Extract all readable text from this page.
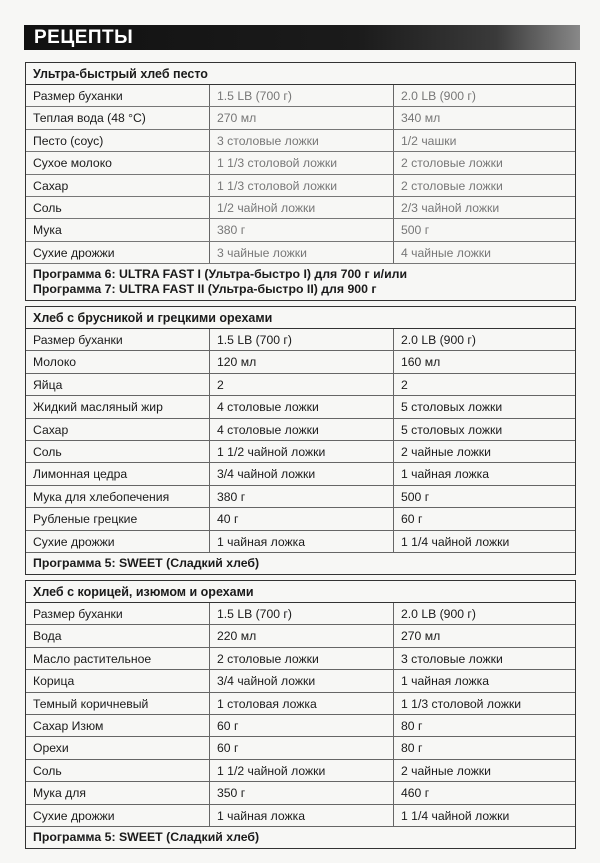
РЕЦЕПТЫ
Ультра-быстрый хлеб песто
Размер буханки	1.5 LB (700 г)	2.0 LB (900 г)
Теплая вода (48 °C)	270 мл	340 мл
Песто (соус)	3 столовые ложки	1/2 чашки
Сухое молоко	1 1/3 столовой ложки	2 столовые ложки
Сахар	1 1/3 столовой ложки	2 столовые ложки
Соль	1/2 чайной ложки	2/3 чайной ложки
Мука	380 г	500 г
Сухие дрожжи	3 чайные ложки	4 чайные ложки
Программа 6: ULTRA FAST I (Ультра-быстро I) для 700 г и/или
Программа 7: ULTRA FAST II (Ультра-быстро II) для 900 г
Хлеб с брусникой и грецкими орехами
Размер буханки	1.5 LB (700 г)	2.0 LB (900 г)
Молоко	120 мл	160 мл
Яйца	2	2
Жидкий масляный жир	4 столовые ложки	5 столовых ложки
Сахар	4 столовые ложки	5 столовых ложки
Соль	1 1/2 чайной ложки	2 чайные ложки
Лимонная цедра	3/4 чайной ложки	1 чайная ложка
Мука для хлебопечения	380 г	500 г
Рубленые грецкие	40 г	60 г
Сухие дрожжи	1 чайная ложка	1 1/4 чайной ложки
Программа 5: SWEET (Сладкий хлеб)
Хлеб с корицей, изюмом и орехами
Размер буханки	1.5 LB (700 г)	2.0 LB (900 г)
Вода	220 мл	270 мл
Масло растительное	2 столовые ложки	3 столовые ложки
Корица	3/4 чайной ложки	1 чайная ложка
Темный коричневый	1 столовая ложка	1 1/3 столовой ложки
Сахар Изюм	60 г	80 г
Орехи	60 г	80 г
Соль	1 1/2 чайной ложки	2 чайные ложки
Мука для	350 г	460 г
Сухие дрожжи	1 чайная ложка	1 1/4 чайной ложки
Программа 5: SWEET (Сладкий хлеб)
